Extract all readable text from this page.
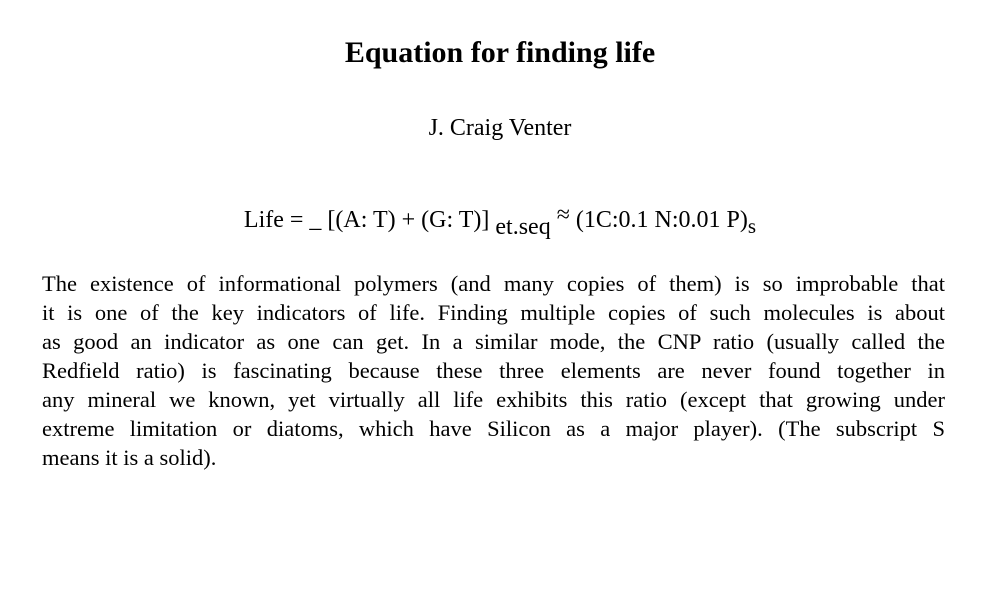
Equation for finding life
J. Craig Venter
Life = _ [(A: T) + (G: T)] et.seq ≈ (1C:0.1 N:0.01 P)s
The existence of informational polymers (and many copies of them) is so improbable that
it is one of the key indicators of life. Finding multiple copies of such molecules is about
as good an indicator as one can get. In a similar mode, the CNP ratio (usually called the
Redfield ratio) is fascinating because these three elements are never found together in
any mineral we known, yet virtually all life exhibits this ratio (except that growing under
extreme limitation or diatoms, which have Silicon as a major player). (The subscript S
means it is a solid).
